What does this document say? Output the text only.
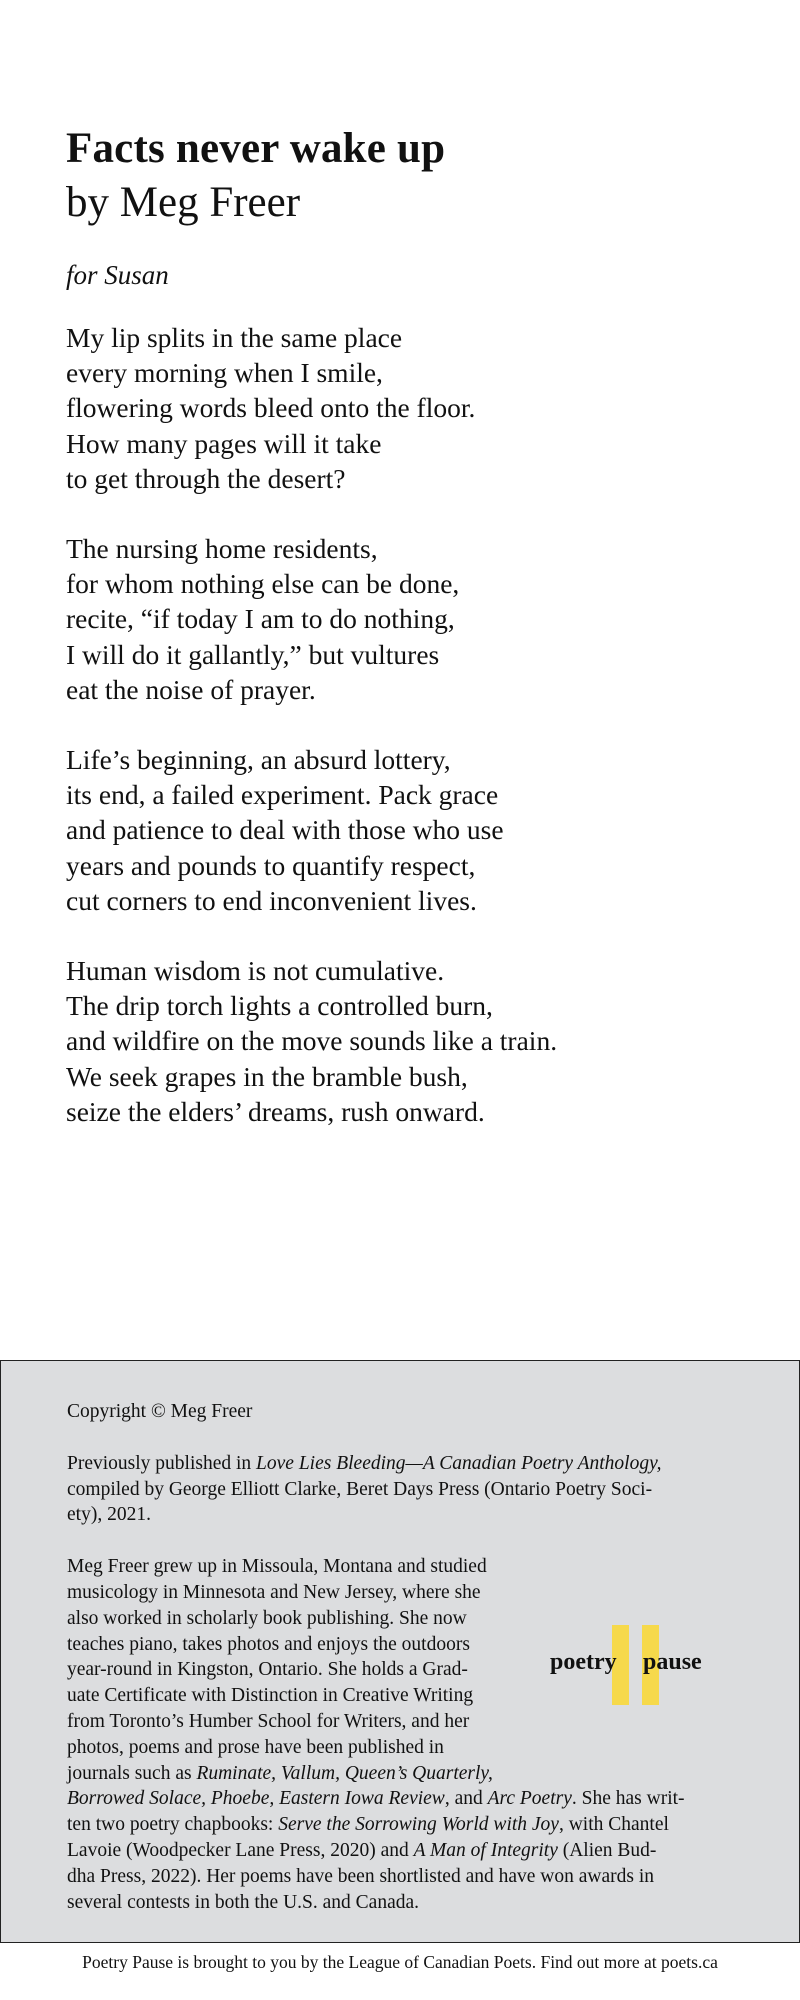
Facts never wake up
by Meg Freer
for Susan
My lip splits in the same place
every morning when I smile,
flowering words bleed onto the floor.
How many pages will it take
to get through the desert?
The nursing home residents,
for whom nothing else can be done,
recite, “if today I am to do nothing,
I will do it gallantly,” but vultures
eat the noise of prayer.
Life’s beginning, an absurd lottery,
its end, a failed experiment. Pack grace
and patience to deal with those who use
years and pounds to quantify respect,
cut corners to end inconvenient lives.
Human wisdom is not cumulative.
The drip torch lights a controlled burn,
and wildfire on the move sounds like a train.
We seek grapes in the bramble bush,
seize the elders’ dreams, rush onward.
Copyright © Meg Freer
Previously published in Love Lies Bleeding—A Canadian Poetry Anthology,
compiled by George Elliott Clarke, Beret Days Press (Ontario Poetry Soci-
ety), 2021.
Meg Freer grew up in Missoula, Montana and studied
musicology in Minnesota and New Jersey, where she
also worked in scholarly book publishing. She now
teaches piano, takes photos and enjoys the outdoors
year-round in Kingston, Ontario. She holds a Grad-
uate Certificate with Distinction in Creative Writing
from Toronto’s Humber School for Writers, and her
photos, poems and prose have been published in
journals such as Ruminate, Vallum, Queen’s Quarterly,
Borrowed Solace, Phoebe, Eastern Iowa Review, and Arc Poetry. She has writ-
ten two poetry chapbooks: Serve the Sorrowing World with Joy, with Chantel
Lavoie (Woodpecker Lane Press, 2020) and A Man of Integrity (Alien Bud-
dha Press, 2022). Her poems have been shortlisted and have won awards in
several contests in both the U.S. and Canada.
poetry pause
Poetry Pause is brought to you by the League of Canadian Poets. Find out more at poets.ca
